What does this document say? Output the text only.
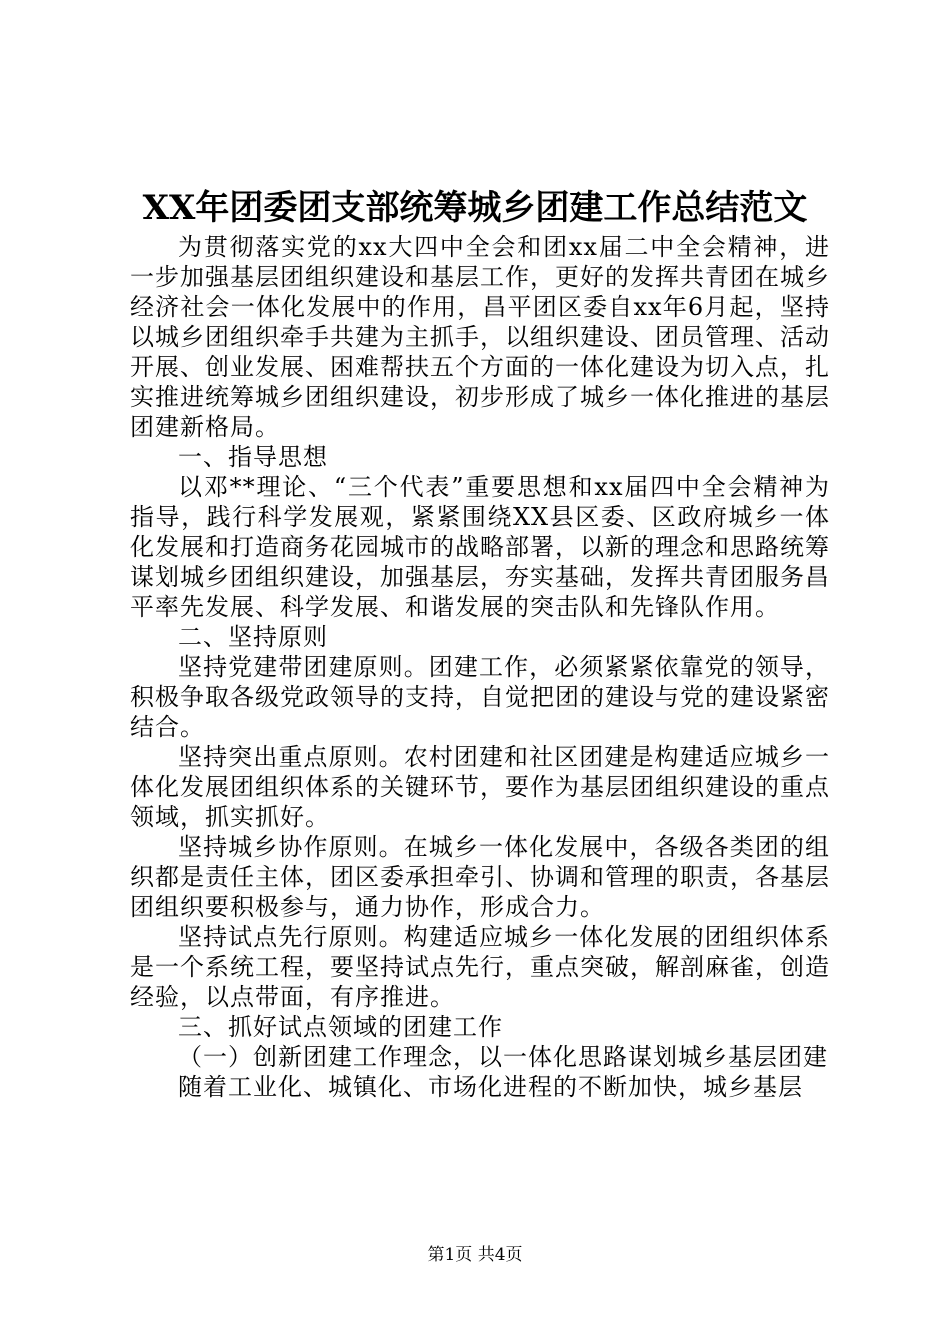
XX年团委团支部统筹城乡团建工作总结范文

为贯彻落实党的xx大四中全会和团xx届二中全会精神，进一步加强基层团组织建设和基层工作，更好的发挥共青团在城乡经济社会一体化发展中的作用，昌平团区委自xx年6月起，坚持以城乡团组织牵手共建为主抓手，以组织建设、团员管理、活动开展、创业发展、困难帮扶五个方面的一体化建设为切入点，扎实推进统筹城乡团组织建设，初步形成了城乡一体化推进的基层团建新格局。

一、指导思想

以邓**理论、“三个代表”重要思想和xx届四中全会精神为指导，践行科学发展观，紧紧围绕XX县区委、区政府城乡一体化发展和打造商务花园城市的战略部署，以新的理念和思路统筹谋划城乡团组织建设，加强基层，夯实基础，发挥共青团服务昌平率先发展、科学发展、和谐发展的突击队和先锋队作用。

二、坚持原则

坚持党建带团建原则。团建工作，必须紧紧依靠党的领导，积极争取各级党政领导的支持，自觉把团的建设与党的建设紧密结合。

坚持突出重点原则。农村团建和社区团建是构建适应城乡一体化发展团组织体系的关键环节，要作为基层团组织建设的重点领域，抓实抓好。

坚持城乡协作原则。在城乡一体化发展中，各级各类团的组织都是责任主体，团区委承担牵引、协调和管理的职责，各基层团组织要积极参与，通力协作，形成合力。

坚持试点先行原则。构建适应城乡一体化发展的团组织体系是一个系统工程，要坚持试点先行，重点突破，解剖麻雀，创造经验，以点带面，有序推进。

三、抓好试点领域的团建工作

（一）创新团建工作理念，以一体化思路谋划城乡基层团建

随着工业化、城镇化、市场化进程的不断加快，城乡基层

第1页 共4页
